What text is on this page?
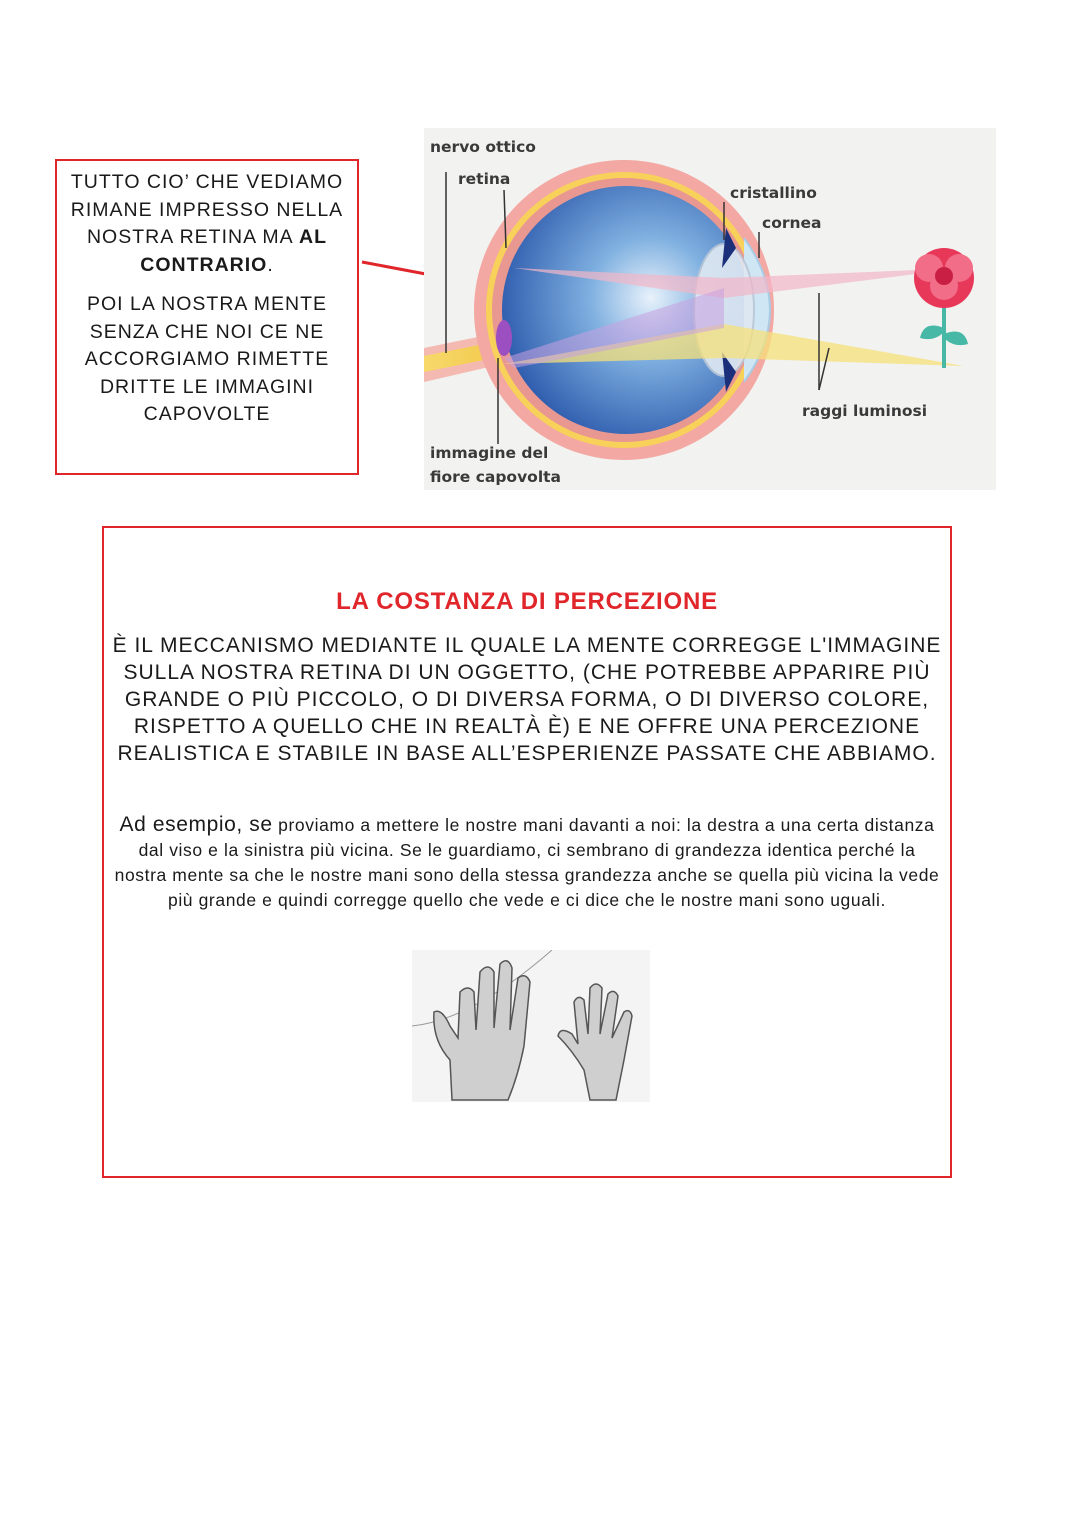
TUTTO CIO’ CHE VEDIAMO RIMANE IMPRESSO NELLA NOSTRA RETINA MA AL CONTRARIO.

POI LA NOSTRA MENTE SENZA CHE NOI CE NE ACCORGIAMO RIMETTE DRITTE LE IMMAGINI CAPOVOLTE

nervo ottico
retina
cristallino
cornea
raggi luminosi
immagine del
fiore capovolta
LA COSTANZA DI PERCEZIONE

È IL MECCANISMO MEDIANTE IL QUALE LA MENTE CORREGGE L'IMMAGINE SULLA NOSTRA RETINA DI UN OGGETTO, (CHE POTREBBE APPARIRE PIÙ GRANDE O PIÙ PICCOLO, O DI DIVERSA FORMA, O DI DIVERSO COLORE, RISPETTO A QUELLO CHE IN REALTÀ È) E NE OFFRE UNA PERCEZIONE REALISTICA E STABILE IN BASE ALL’ESPERIENZE PASSATE CHE ABBIAMO.

Ad esempio, se proviamo a mettere le nostre mani davanti a noi: la destra a una certa distanza dal viso e la sinistra più vicina. Se le guardiamo, ci sembrano di grandezza identica perché la nostra mente sa che le nostre mani sono della stessa grandezza anche se quella più vicina la vede più grande e quindi corregge quello che vede e ci dice che le nostre mani sono uguali.
